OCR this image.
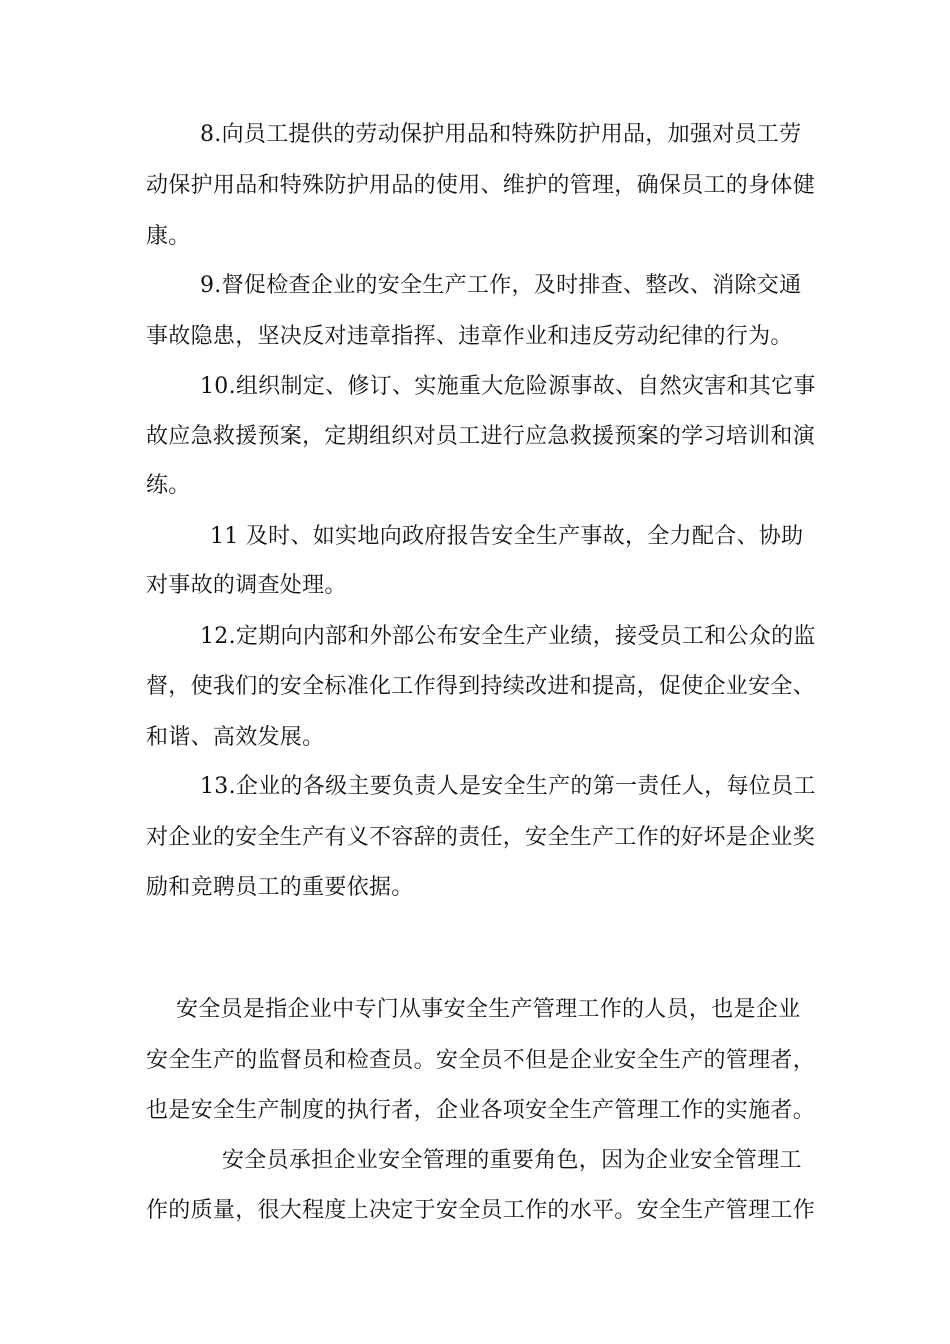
8.向员工提供的劳动保护用品和特殊防护用品，加强对员工劳
动保护用品和特殊防护用品的使用、维护的管理，确保员工的身体健
康。
9.督促检查企业的安全生产工作，及时排查、整改、消除交通
事故隐患，坚决反对违章指挥、违章作业和违反劳动纪律的行为。
10.组织制定、修订、实施重大危险源事故、自然灾害和其它事
故应急救援预案，定期组织对员工进行应急救援预案的学习培训和演
练。
11 及时、如实地向政府报告安全生产事故，全力配合、协助
对事故的调查处理。
12.定期向内部和外部公布安全生产业绩，接受员工和公众的监
督，使我们的安全标准化工作得到持续改进和提高，促使企业安全、
和谐、高效发展。
13.企业的各级主要负责人是安全生产的第一责任人，每位员工
对企业的安全生产有义不容辞的责任，安全生产工作的好坏是企业奖
励和竞聘员工的重要依据。
安全员是指企业中专门从事安全生产管理工作的人员，也是企业
安全生产的监督员和检查员。安全员不但是企业安全生产的管理者，
也是安全生产制度的执行者，企业各项安全生产管理工作的实施者。
安全员承担企业安全管理的重要角色，因为企业安全管理工
作的质量，很大程度上决定于安全员工作的水平。安全生产管理工作
